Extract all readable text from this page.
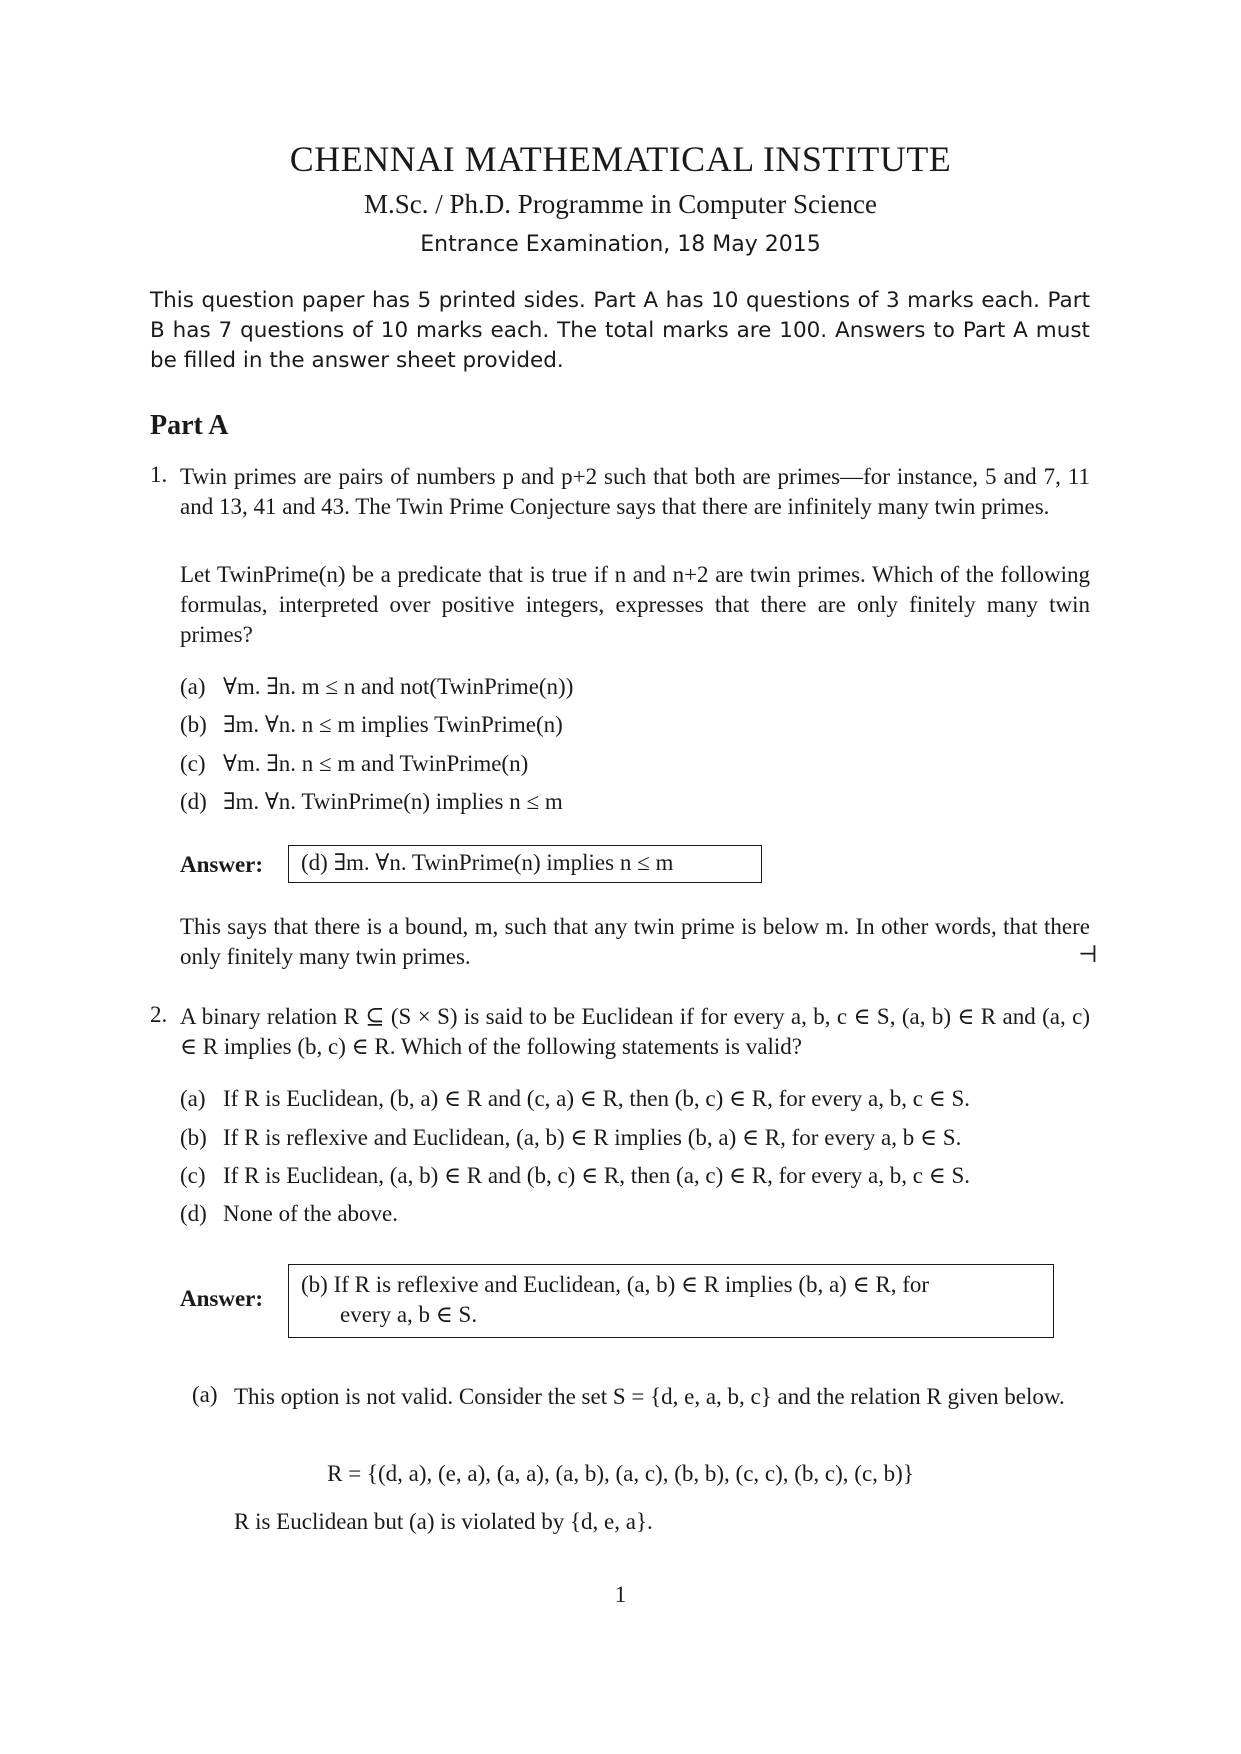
CHENNAI MATHEMATICAL INSTITUTE
M.Sc. / Ph.D. Programme in Computer Science
Entrance Examination, 18 May 2015
This question paper has 5 printed sides. Part A has 10 questions of 3 marks each. Part B has 7 questions of 10 marks each. The total marks are 100. Answers to Part A must be filled in the answer sheet provided.
Part A
1. Twin primes are pairs of numbers p and p+2 such that both are primes—for instance, 5 and 7, 11 and 13, 41 and 43. The Twin Prime Conjecture says that there are infinitely many twin primes.
Let TwinPrime(n) be a predicate that is true if n and n+2 are twin primes. Which of the following formulas, interpreted over positive integers, expresses that there are only finitely many twin primes?
(a) ∀m. ∃n. m ≤ n and not(TwinPrime(n))
(b) ∃m. ∀n. n ≤ m implies TwinPrime(n)
(c) ∀m. ∃n. n ≤ m and TwinPrime(n)
(d) ∃m. ∀n. TwinPrime(n) implies n ≤ m
Answer: (d) ∃m. ∀n. TwinPrime(n) implies n ≤ m
This says that there is a bound, m, such that any twin prime is below m. In other words, that there only finitely many twin primes.	⊣
2. A binary relation R ⊆ (S × S) is said to be Euclidean if for every a, b, c ∈ S, (a, b) ∈ R and (a, c) ∈ R implies (b, c) ∈ R. Which of the following statements is valid?
(a) If R is Euclidean, (b, a) ∈ R and (c, a) ∈ R, then (b, c) ∈ R, for every a, b, c ∈ S.
(b) If R is reflexive and Euclidean, (a, b) ∈ R implies (b, a) ∈ R, for every a, b ∈ S.
(c) If R is Euclidean, (a, b) ∈ R and (b, c) ∈ R, then (a, c) ∈ R, for every a, b, c ∈ S.
(d) None of the above.
Answer:
(b) If R is reflexive and Euclidean, (a, b) ∈ R implies (b, a) ∈ R, for
every a, b ∈ S.
(a) This option is not valid. Consider the set S = {d, e, a, b, c} and the relation R given below.
R = {(d, a), (e, a), (a, a), (a, b), (a, c), (b, b), (c, c), (b, c), (c, b)}
R is Euclidean but (a) is violated by {d, e, a}.
1
